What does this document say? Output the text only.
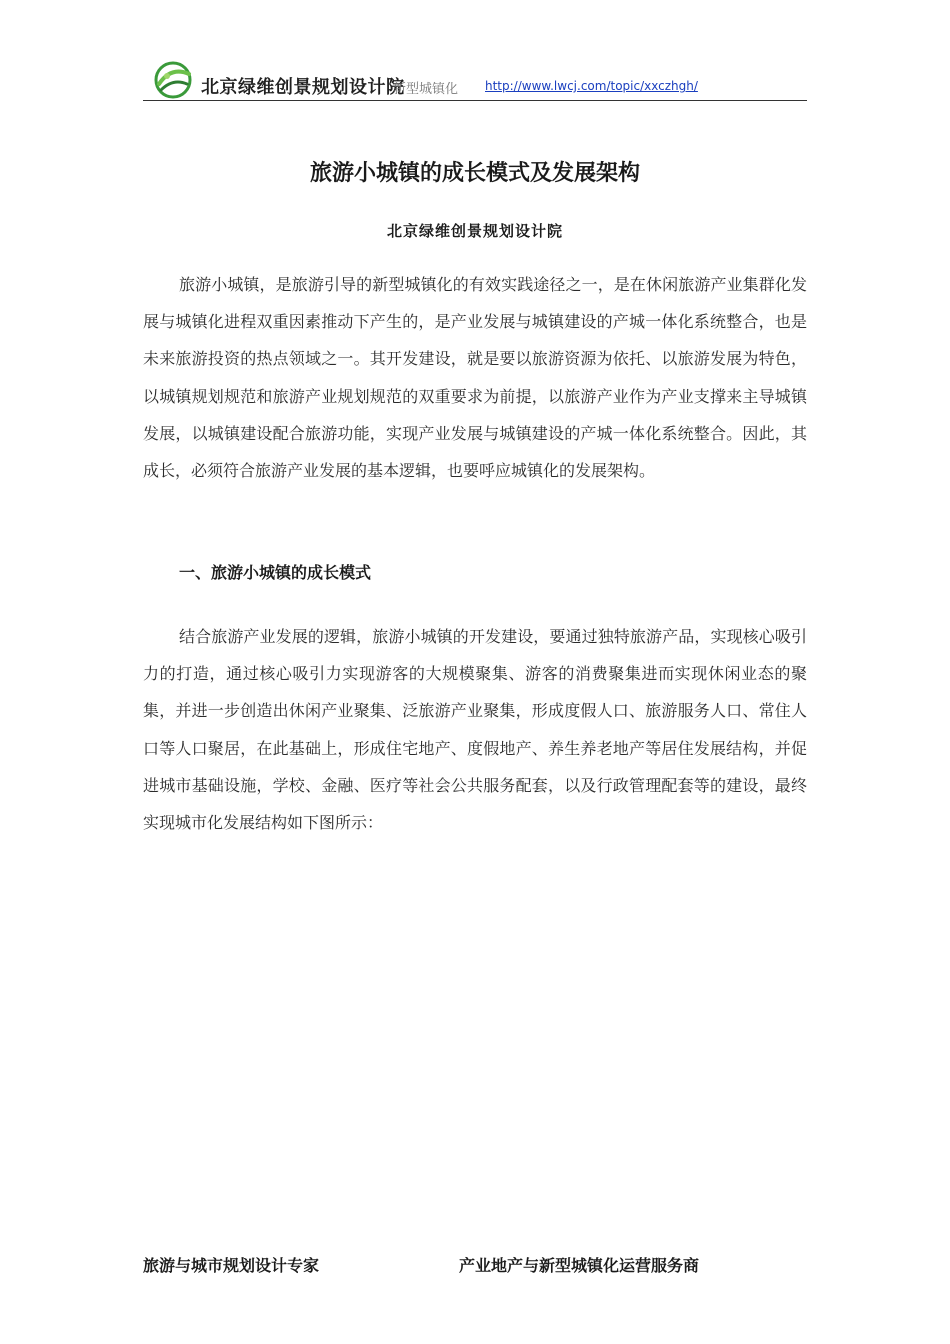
北京绿维创景规划设计院
新型城镇化 http://www.lwcj.com/topic/xxczhgh/
旅游小城镇的成长模式及发展架构
北京绿维创景规划设计院

旅游小城镇，是旅游引导的新型城镇化的有效实践途径之一，是在休闲旅游产业集群化发展与城镇化进程双重因素推动下产生的，是产业发展与城镇建设的产城一体化系统整合，也是未来旅游投资的热点领域之一。其开发建设，就是要以旅游资源为依托、以旅游发展为特色，以城镇规划规范和旅游产业规划规范的双重要求为前提，以旅游产业作为产业支撑来主导城镇发展，以城镇建设配合旅游功能，实现产业发展与城镇建设的产城一体化系统整合。因此，其成长，必须符合旅游产业发展的基本逻辑，也要呼应城镇化的发展架构。

一、旅游小城镇的成长模式

结合旅游产业发展的逻辑，旅游小城镇的开发建设，要通过独特旅游产品，实现核心吸引力的打造，通过核心吸引力实现游客的大规模聚集、游客的消费聚集进而实现休闲业态的聚集，并进一步创造出休闲产业聚集、泛旅游产业聚集，形成度假人口、旅游服务人口、常住人口等人口聚居，在此基础上，形成住宅地产、度假地产、养生养老地产等居住发展结构，并促进城市基础设施，学校、金融、医疗等社会公共服务配套，以及行政管理配套等的建设，最终实现城市化发展结构如下图所示：

旅游与城市规划设计专家	产业地产与新型城镇化运营服务商
